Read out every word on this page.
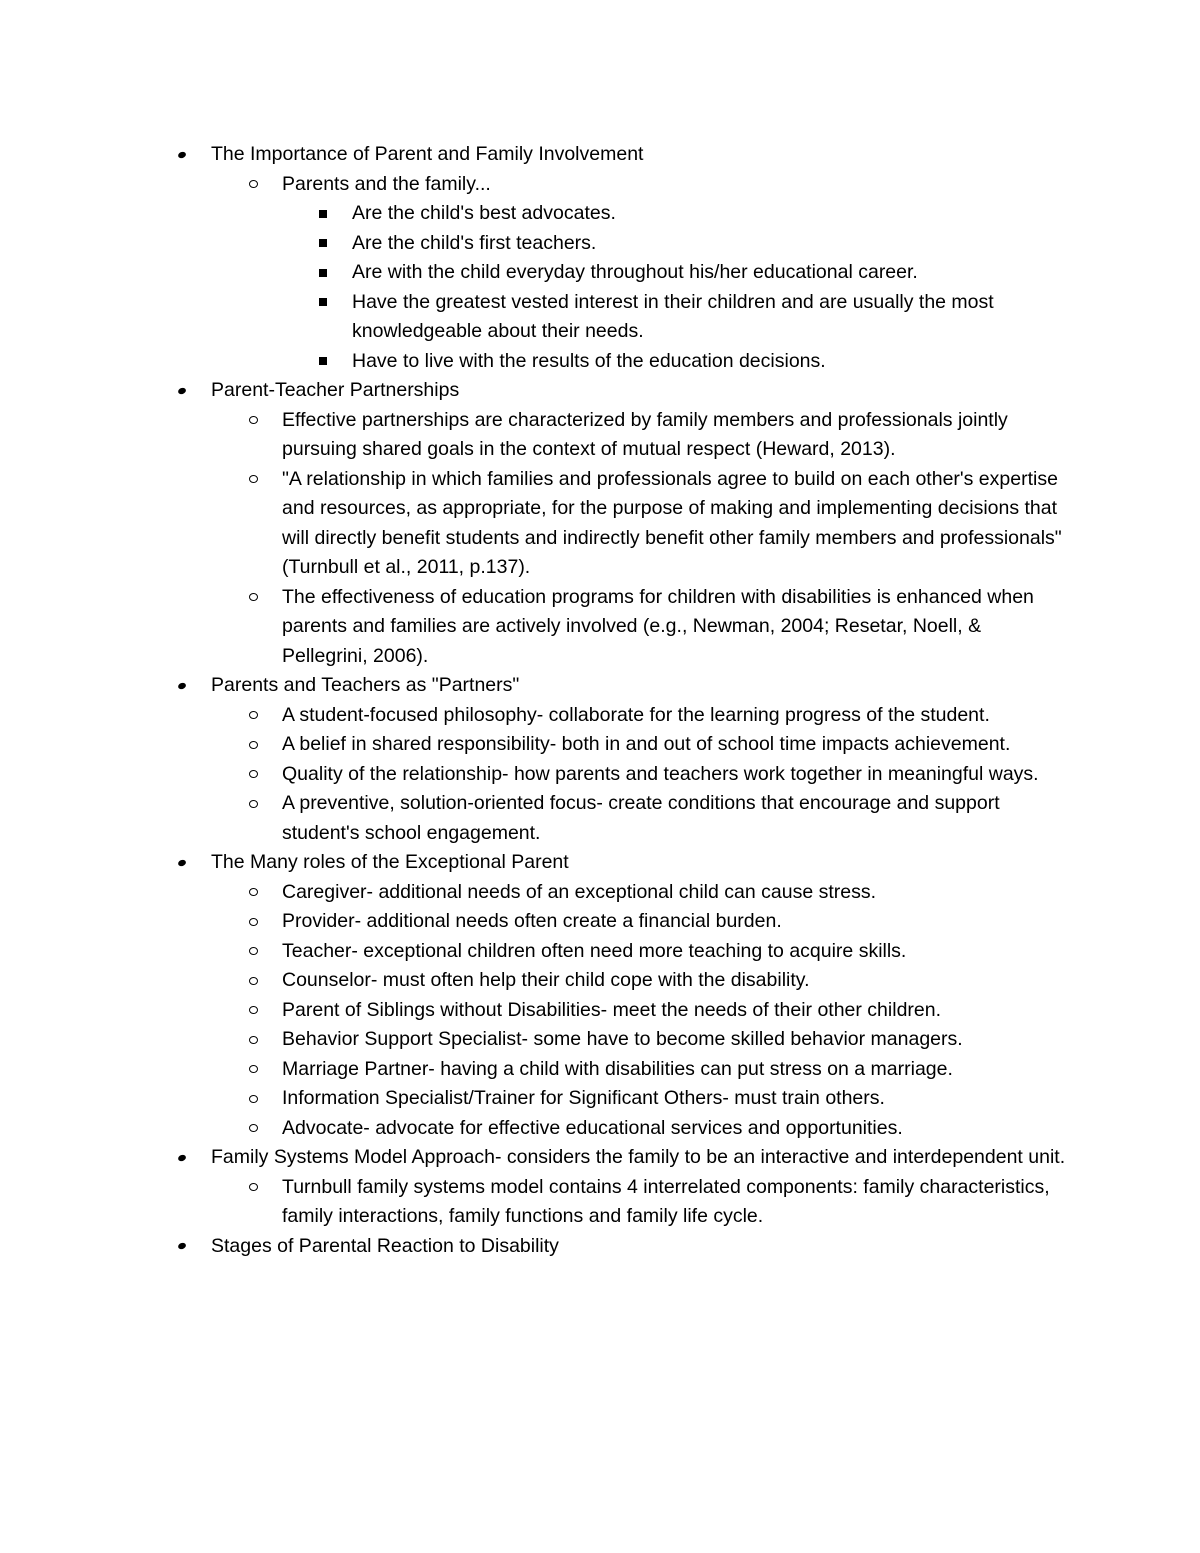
The Importance of Parent and Family Involvement
Parents and the family...
Are the child's best advocates.
Are the child's first teachers.
Are with the child everyday throughout his/her educational career.
Have the greatest vested interest in their children and are usually the most knowledgeable about their needs.
Have to live with the results of the education decisions.
Parent-Teacher Partnerships
Effective partnerships are characterized by family members and professionals jointly pursuing shared goals in the context of mutual respect (Heward, 2013).
"A relationship in which families and professionals agree to build on each other's expertise and resources, as appropriate, for the purpose of making and implementing decisions that will directly benefit students and indirectly benefit other family members and professionals" (Turnbull et al., 2011, p.137).
The effectiveness of education programs for children with disabilities is enhanced when parents and families are actively involved (e.g., Newman, 2004; Resetar, Noell, & Pellegrini, 2006).
Parents and Teachers as "Partners"
A student-focused philosophy- collaborate for the learning progress of the student.
A belief in shared responsibility- both in and out of school time impacts achievement.
Quality of the relationship- how parents and teachers work together in meaningful ways.
A preventive, solution-oriented focus- create conditions that encourage and support student's school engagement.
The Many roles of the Exceptional Parent
Caregiver- additional needs of an exceptional child can cause stress.
Provider- additional needs often create a financial burden.
Teacher- exceptional children often need more teaching to acquire skills.
Counselor- must often help their child cope with the disability.
Parent of Siblings without Disabilities- meet the needs of their other children.
Behavior Support Specialist- some have to become skilled behavior managers.
Marriage Partner- having a child with disabilities can put stress on a marriage.
Information Specialist/Trainer for Significant Others- must train others.
Advocate- advocate for effective educational services and opportunities.
Family Systems Model Approach- considers the family to be an interactive and interdependent unit.
Turnbull family systems model contains 4 interrelated components: family characteristics, family interactions, family functions and family life cycle.
Stages of Parental Reaction to Disability
